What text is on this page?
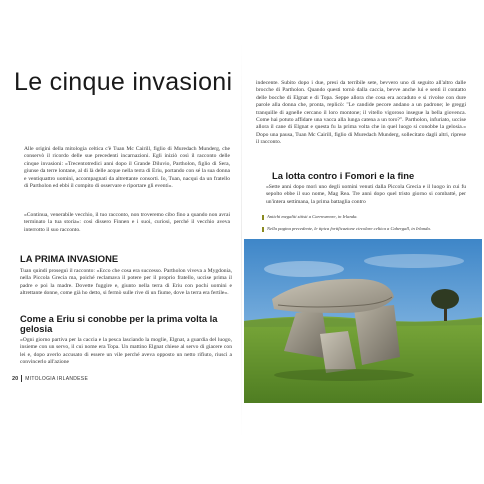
Le cinque invasioni

Alle origini della mitologia celtica c'è Tuan Mc Cairill, figlio di Muredach Munderg, che conservò il ricordo delle sue precedenti incarnazioni. Egli iniziò così il racconto delle cinque invasioni: «Trecentotredici anni dopo il Grande Diluvio, Partholon, figlio di Sera, giunse da terre lontane, al di là delle acque nella terra di Eriu, portando con sé la sua donna e ventiquattro uomini, accompagnati da altrettante consorti. Io, Tuan, nacqui da un fratello di Partholon ed ebbi il compito di osservare e riportare gli eventi».

«Continua, venerabile vecchio, il tuo racconto, non troveremo cibo fino a quando non avrai terminato la tua storia»: così dissero Finnen e i suoi, curiosi, perché il vecchio aveva interrotto il suo racconto.

LA PRIMA INVASIONE

Tuan quindi proseguì il racconto: «Ecco che cosa era successo. Partholon viveva a Mygdonia, nella Piccola Grecia ma, poiché reclamava il potere per il proprio fratello, uccise prima il padre e poi la madre. Dovette fuggire e, giunto nella terra di Eriu con pochi uomini e altrettante donne, come già ho detto, si fermò sulle rive di un fiume, dove la terra era fertile».

Come a Eriu si conobbe per la prima volta la gelosia

«Ogni giorno partiva per la caccia e la pesca lasciando la moglie, Elgnat, a guardia del luogo, insieme con un servo, il cui nome era Topa. Un mattino Elgnat chiese al servo di giacere con lei e, dopo averlo accusato di essere un vile perché aveva opposto un netto rifiuto, riuscì a convincerlo all'azione

20 MITOLOGIA IRLANDESE

indecente. Subito dopo i due, presi da terribile sete, bevvero uno di seguito all'altro dalle brocche di Partholon. Quando questi tornò dalla caccia, bevve anche lui e sentì il contatto delle bocche di Elgnat e di Topa. Seppe allora che cosa era accaduto e si rivolse con dure parole alla donna che, pronta, replicò: "Le candide pecore andano a un padrone; le greggi tranquille di agnelle cercano il loro montone; il vitello vigoroso insegue la bella giovenca. Come hai potuto affidare una vacca alla lunga catena a un toro?". Partholon, infuriato, uccise allora il cane di Elgnat e questa fu la prima volta che in quel luogo si conobbe la gelosia.» Dopo una pausa, Tuan Mc Cairill, figlio di Muredach Munderg, sollecitato dagli altri, riprese il racconto.

La lotta contro i Fomori e la fine

«Sette anni dopo morì uno degli uomini venuti dalla Piccola Grecia e il luogo in cui fu sepolto ebbe il suo nome, Mag Rea. Tre anni dopo quel tristo giorno si combatté, per un'intera settimana, la prima battaglia contro

Antichi megaliti sitisti a Carrowmore, in Irlanda.
Nella pagina precedente, le tipica fortificazione circolare celtica a Cahergall, in Irlanda.
